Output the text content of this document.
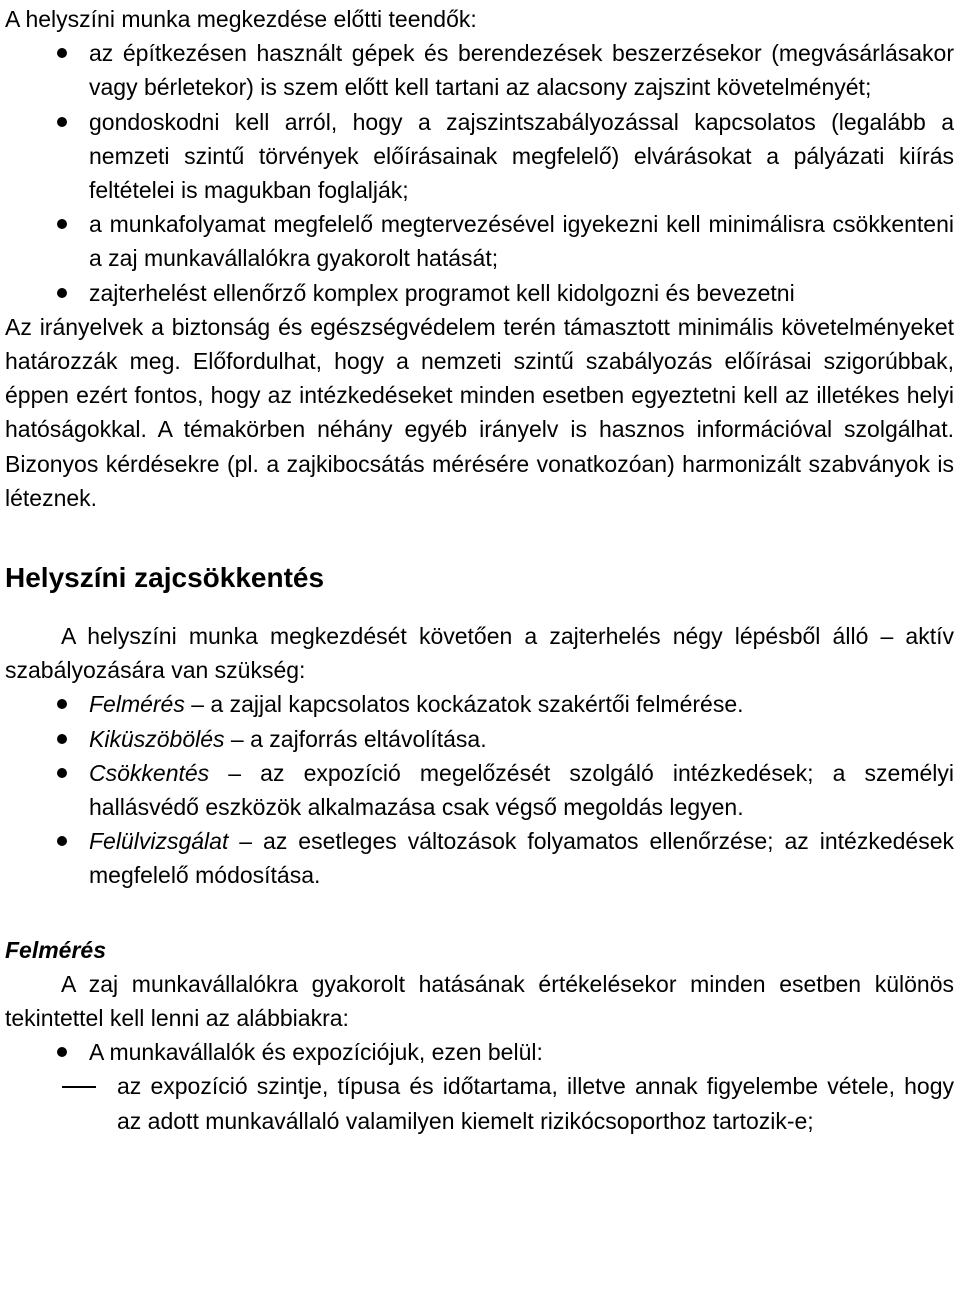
A helyszíni munka megkezdése előtti teendők:

az építkezésen használt gépek és berendezések beszerzésekor (megvásárlásakor vagy bérletekor) is szem előtt kell tartani az alacsony zajszint követelményét;
gondoskodni kell arról, hogy a zajszintszabályozással kapcsolatos (legalább a nemzeti szintű törvények előírásainak megfelelő) elvárásokat a pályázati kiírás feltételei is magukban foglalják;
a munkafolyamat megfelelő megtervezésével igyekezni kell minimálisra csökkenteni a zaj munkavállalókra gyakorolt hatását;
zajterhelést ellenőrző komplex programot kell kidolgozni és bevezetni

Az irányelvek a biztonság és egészségvédelem terén támasztott minimális követelményeket határozzák meg. Előfordulhat, hogy a nemzeti szintű szabályozás előírásai szigorúbbak, éppen ezért fontos, hogy az intézkedéseket minden esetben egyeztetni kell az illetékes helyi hatóságokkal. A témakörben néhány egyéb irányelv is hasznos információval szolgálhat. Bizonyos kérdésekre (pl. a zajkibocsátás mérésére vonatkozóan) harmonizált szabványok is léteznek.

Helyszíni zajcsökkentés

A helyszíni munka megkezdését követően a zajterhelés négy lépésből álló – aktív szabályozására van szükség:

Felmérés – a zajjal kapcsolatos kockázatok szakértői felmérése.
Kiküszöbölés – a zajforrás eltávolítása.
Csökkentés – az expozíció megelőzését szolgáló intézkedések; a személyi hallásvédő eszközök alkalmazása csak végső megoldás legyen.
Felülvizsgálat – az esetleges változások folyamatos ellenőrzése; az intézkedések megfelelő módosítása.

Felmérés

A zaj munkavállalókra gyakorolt hatásának értékelésekor minden esetben különös tekintettel kell lenni az alábbiakra:

A munkavállalók és expozíciójuk, ezen belül:
az expozíció szintje, típusa és időtartama, illetve annak figyelembe vétele, hogy az adott munkavállaló valamilyen kiemelt rizikócsoporthoz tartozik-e;
